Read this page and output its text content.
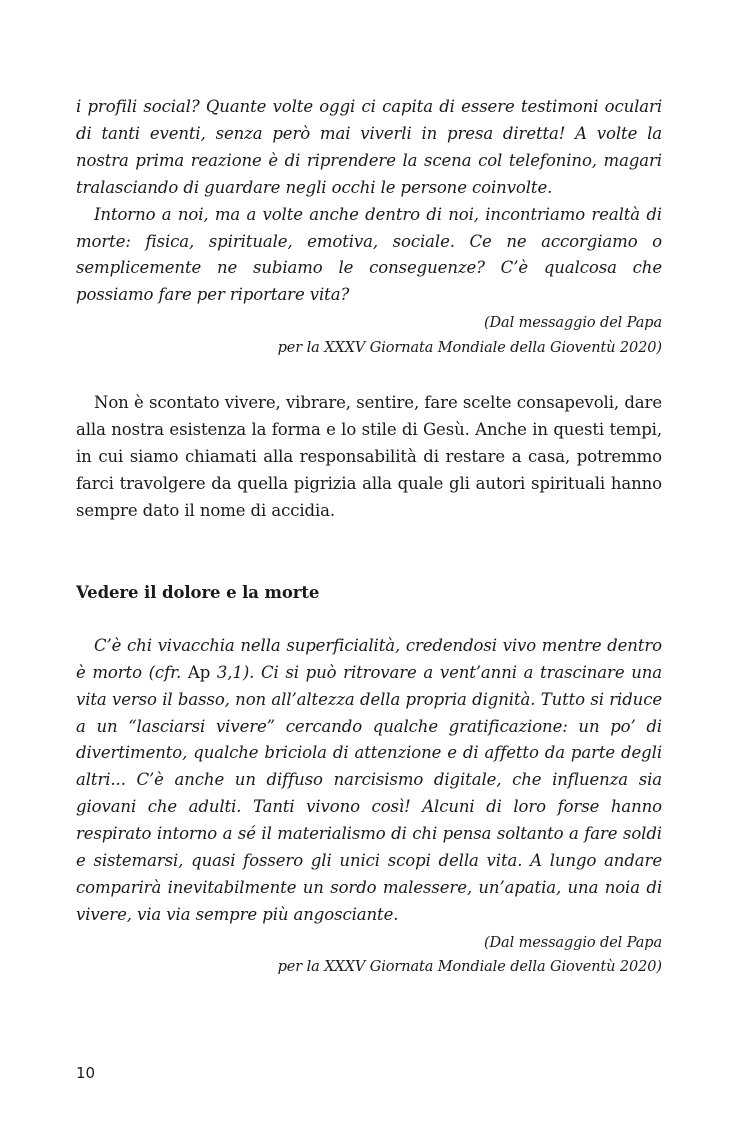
i profili social? Quante volte oggi ci capita di essere testimoni oculari di tanti eventi, senza però mai viverli in presa diretta! A volte la nostra prima reazione è di riprendere la scena col telefonino, magari tralasciando di guardare negli occhi le persone coinvolte.

Intorno a noi, ma a volte anche dentro di noi, incontriamo realtà di morte: fisica, spirituale, emotiva, sociale. Ce ne accorgiamo o semplicemente ne subiamo le conseguenze? C’è qualcosa che possiamo fare per riportare vita?

(Dal messaggio del Papa
per la XXXV Giornata Mondiale della Gioventù 2020)

Non è scontato vivere, vibrare, sentire, fare scelte consapevoli, dare alla nostra esistenza la forma e lo stile di Gesù. Anche in questi tempi, in cui siamo chiamati alla responsabilità di restare a casa, potremmo farci travolgere da quella pigrizia alla quale gli autori spirituali hanno sempre dato il nome di accidia.

Vedere il dolore e la morte

C’è chi vivacchia nella superficialità, credendosi vivo mentre dentro è morto (cfr. Ap 3,1). Ci si può ritrovare a vent’anni a trascinare una vita verso il basso, non all’altezza della propria dignità. Tutto si riduce a un “lasciarsi vivere” cercando qualche gratificazione: un po’ di divertimento, qualche briciola di attenzione e di affetto da parte degli altri... C’è anche un diffuso narcisismo digitale, che influenza sia giovani che adulti. Tanti vivono così! Alcuni di loro forse hanno respirato intorno a sé il materialismo di chi pensa soltanto a fare soldi e sistemarsi, quasi fossero gli unici scopi della vita. A lungo andare comparirà inevitabilmente un sordo malessere, un’apatia, una noia di vivere, via via sempre più angosciante.

(Dal messaggio del Papa
per la XXXV Giornata Mondiale della Gioventù 2020)
10
